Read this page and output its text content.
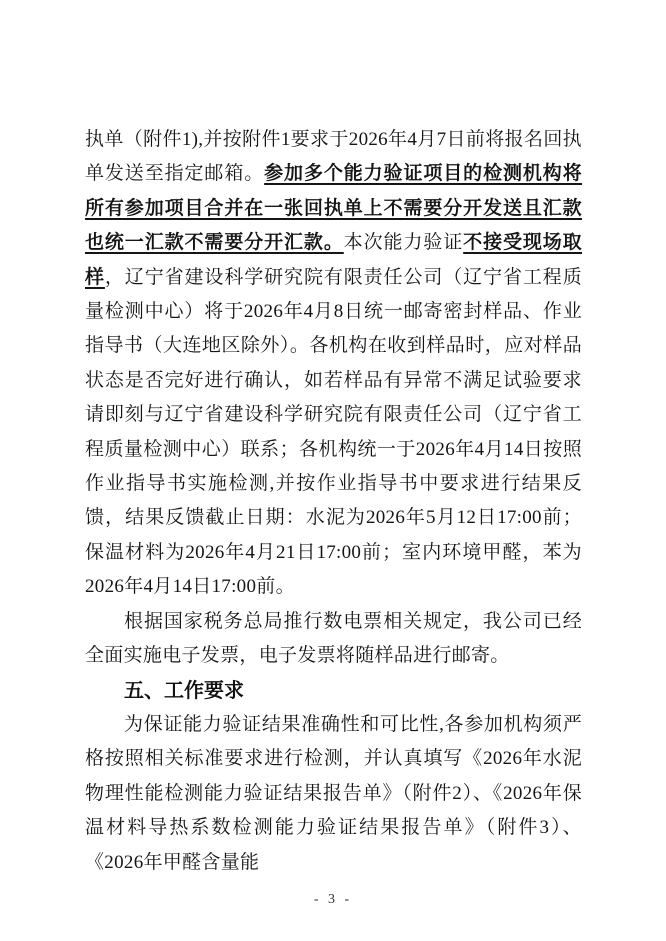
执单（附件1),并按附件1要求于2026年4月7日前将报名回执单发送至指定邮箱。参加多个能力验证项目的检测机构将所有参加项目合并在一张回执单上不需要分开发送且汇款也统一汇款不需要分开汇款。本次能力验证不接受现场取样，辽宁省建设科学研究院有限责任公司（辽宁省工程质量检测中心）将于2026年4月8日统一邮寄密封样品、作业指导书（大连地区除外）。各机构在收到样品时，应对样品状态是否完好进行确认，如若样品有异常不满足试验要求请即刻与辽宁省建设科学研究院有限责任公司（辽宁省工程质量检测中心）联系；各机构统一于2026年4月14日按照作业指导书实施检测,并按作业指导书中要求进行结果反馈，结果反馈截止日期：水泥为2026年5月12日17:00前；保温材料为2026年4月21日17:00前；室内环境甲醛，苯为2026年4月14日17:00前。

根据国家税务总局推行数电票相关规定，我公司已经全面实施电子发票，电子发票将随样品进行邮寄。

五、工作要求

为保证能力验证结果准确性和可比性,各参加机构须严格按照相关标准要求进行检测，并认真填写《2026年水泥物理性能检测能力验证结果报告单》（附件2）、《2026年保温材料导热系数检测能力验证结果报告单》（附件3）、《2026年甲醛含量能

- 3 -
